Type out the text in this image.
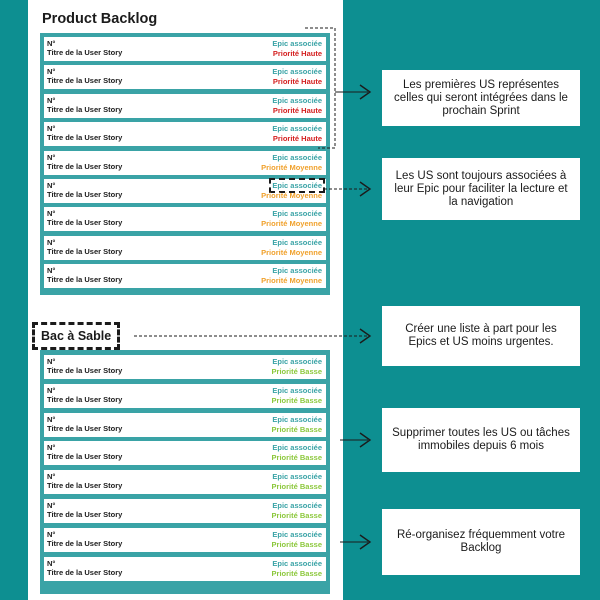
Product Backlog
N°
Titre de la User Story
Epic associée
Priorité Haute
N°
Titre de la User Story
Epic associée
Priorité Haute
N°
Titre de la User Story
Epic associée
Priorité Haute
N°
Titre de la User Story
Epic associée
Priorité Haute
N°
Titre de la User Story
Epic associée
Priorité Moyenne
N°
Titre de la User Story
Epic associée
Priorité Moyenne
N°
Titre de la User Story
Epic associée
Priorité Moyenne
N°
Titre de la User Story
Epic associée
Priorité Moyenne
N°
Titre de la User Story
Epic associée
Priorité Moyenne
Bac à Sable
N°
Titre de la User Story
Epic associée
Priorité Basse
N°
Titre de la User Story
Epic associée
Priorité Basse
N°
Titre de la User Story
Epic associée
Priorité Basse
N°
Titre de la User Story
Epic associée
Priorité Basse
N°
Titre de la User Story
Epic associée
Priorité Basse
N°
Titre de la User Story
Epic associée
Priorité Basse
N°
Titre de la User Story
Epic associée
Priorité Basse
N°
Titre de la User Story
Epic associée
Priorité Basse
Les premières US représentes celles qui seront intégrées dans le prochain Sprint
Les US sont toujours associées à leur Epic pour faciliter la lecture et la navigation
Créer une liste à part pour les Epics et US moins urgentes.
Supprimer toutes les US ou tâches immobiles depuis 6 mois
Ré-organisez fréquemment votre Backlog
